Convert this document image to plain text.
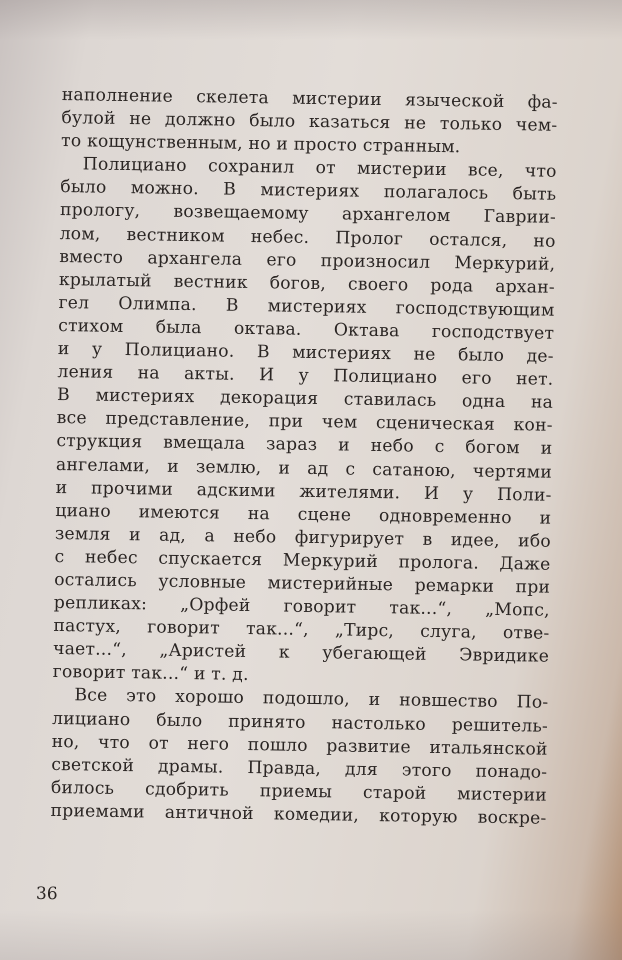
наполнение скелета мистерии языческой фа-
булой не должно было казаться не только чем-
то кощунственным, но и просто странным.
Полициано сохранил от мистерии все, что
было можно. В мистериях полагалось быть
прологу, возвещаемому архангелом Гаврии-
лом, вестником небес. Пролог остался, но
вместо архангела его произносил Меркурий,
крылатый вестник богов, своего рода архан-
гел Олимпа. В мистериях господствующим
стихом была октава. Октава господствует
и у Полициано. В мистериях не было де-
ления на акты. И у Полициано его нет.
В мистериях декорация ставилась одна на
все представление, при чем сценическая кон-
струкция вмещала зараз и небо с богом и
ангелами, и землю, и ад с сатаною, чертями
и прочими адскими жителями. И у Поли-
циано имеются на сцене одновременно и
земля и ад, а небо фигурирует в идее, ибо
с небес спускается Меркурий пролога. Даже
остались условные мистерийные ремарки при
репликах: „Орфей говорит так...“, „Мопс,
пастух, говорит так...“, „Тирс, слуга, отве-
чает...“, „Аристей к убегающей Эвридике
говорит так...“ и т. д.
Все это хорошо подошло, и новшество По-
лициано было принято настолько решитель-
но, что от него пошло развитие итальянской
светской драмы. Правда, для этого понадо-
билось сдобрить приемы старой мистерии
приемами античной комедии, которую воскре-
36
